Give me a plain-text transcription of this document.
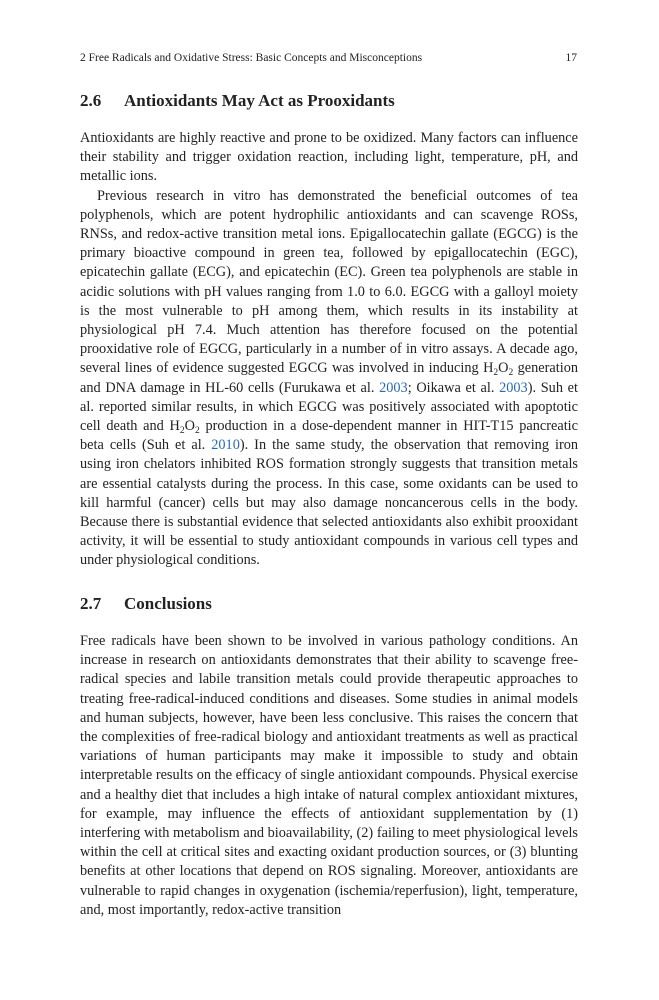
2 Free Radicals and Oxidative Stress: Basic Concepts and Misconceptions	17
2.6 Antioxidants May Act as Prooxidants

Antioxidants are highly reactive and prone to be oxidized. Many factors can influence their stability and trigger oxidation reaction, including light, temperature, pH, and metallic ions.

Previous research in vitro has demonstrated the beneficial outcomes of tea polyphenols, which are potent hydrophilic antioxidants and can scavenge ROSs, RNSs, and redox-active transition metal ions. Epigallocatechin gallate (EGCG) is the primary bioactive compound in green tea, followed by epigallocatechin (EGC), epicatechin gallate (ECG), and epicatechin (EC). Green tea polyphenols are stable in acidic solutions with pH values ranging from 1.0 to 6.0. EGCG with a galloyl moiety is the most vulnerable to pH among them, which results in its instability at physiological pH 7.4. Much attention has therefore focused on the potential prooxidative role of EGCG, particularly in a number of in vitro assays. A decade ago, several lines of evidence suggested EGCG was involved in inducing $H_2O_2$ generation and DNA damage in HL-60 cells (Furukawa et al. 2003; Oikawa et al. 2003). Suh et al. reported similar results, in which EGCG was positively associated with apoptotic cell death and $H_2O_2$ production in a dose-dependent manner in HIT-T15 pancreatic beta cells (Suh et al. 2010). In the same study, the observation that removing iron using iron chelators inhibited ROS formation strongly suggests that transition metals are essential catalysts during the process. In this case, some oxidants can be used to kill harmful (cancer) cells but may also damage noncancerous cells in the body. Because there is substantial evidence that selected antioxidants also exhibit prooxidant activity, it will be essential to study antioxidant compounds in various cell types and under physiological conditions.

2.7 Conclusions

Free radicals have been shown to be involved in various pathology conditions. An increase in research on antioxidants demonstrates that their ability to scavenge free-radical species and labile transition metals could provide therapeutic approaches to treating free-radical-induced conditions and diseases. Some studies in animal models and human subjects, however, have been less conclusive. This raises the concern that the complexities of free-radical biology and antioxidant treatments as well as practical variations of human participants may make it impossible to study and obtain interpretable results on the efficacy of single antioxidant compounds. Physical exercise and a healthy diet that includes a high intake of natural complex antioxidant mixtures, for example, may influence the effects of antioxidant supplementation by (1) interfering with metabolism and bioavailability, (2) failing to meet physiological levels within the cell at critical sites and exacting oxidant production sources, or (3) blunting benefits at other locations that depend on ROS signaling. Moreover, antioxidants are vulnerable to rapid changes in oxygenation (ischemia/reperfusion), light, temperature, and, most importantly, redox-active transition
